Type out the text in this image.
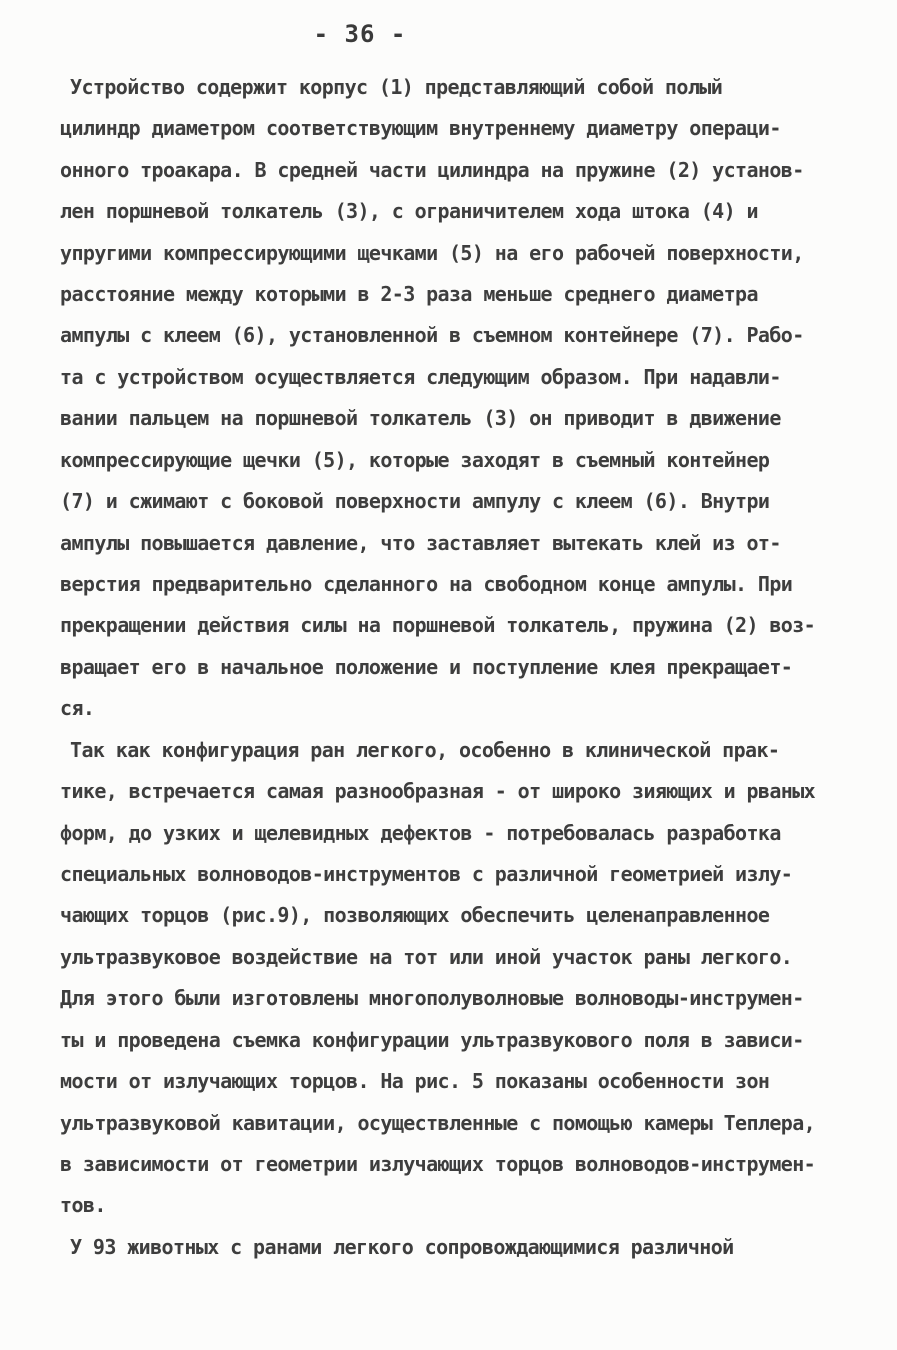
- 36 -

Устройство содержит корпус (1) представляющий собой полый

цилиндр диаметром соответствующим внутреннему диаметру операци-

онного троакара. В средней части цилиндра на пружине (2) установ-

лен поршневой толкатель (3), с ограничителем хода штока (4) и

упругими компрессирующими щечками (5) на его рабочей поверхности,

расстояние между которыми в 2-3 раза меньше среднего диаметра

ампулы с клеем (6), установленной в съемном контейнере (7). Рабо-

та с устройством осуществляется следующим образом. При надавли-

вании пальцем на поршневой толкатель (3) он приводит в движение

компрессирующие щечки (5), которые заходят в съемный контейнер

(7) и сжимают с боковой поверхности ампулу с клеем (6). Внутри

ампулы повышается давление, что заставляет вытекать клей из от-

верстия предварительно сделанного на свободном конце ампулы. При

прекращении действия силы на поршневой толкатель, пружина (2) воз-

вращает его в начальное положение и поступление клея прекращает-

ся.

Так как конфигурация ран легкого, особенно в клинической прак-

тике, встречается самая разнообразная - от широко зияющих и рваных

форм, до узких и щелевидных дефектов - потребовалась разработка

специальных волноводов-инструментов с различной геометрией излу-

чающих торцов (рис.9), позволяющих обеспечить целенаправленное

ультразвуковое воздействие на тот или иной участок раны легкого.

Для этого были изготовлены многополуволновые волноводы-инструмен-

ты и проведена съемка конфигурации ультразвукового поля в зависи-

мости от излучающих торцов. На рис. 5 показаны особенности зон

ультразвуковой кавитации, осуществленные с помощью камеры Теплера,

в зависимости от геометрии излучающих торцов волноводов-инструмен-

тов.

У 93 животных с ранами легкого сопровождающимися различной
